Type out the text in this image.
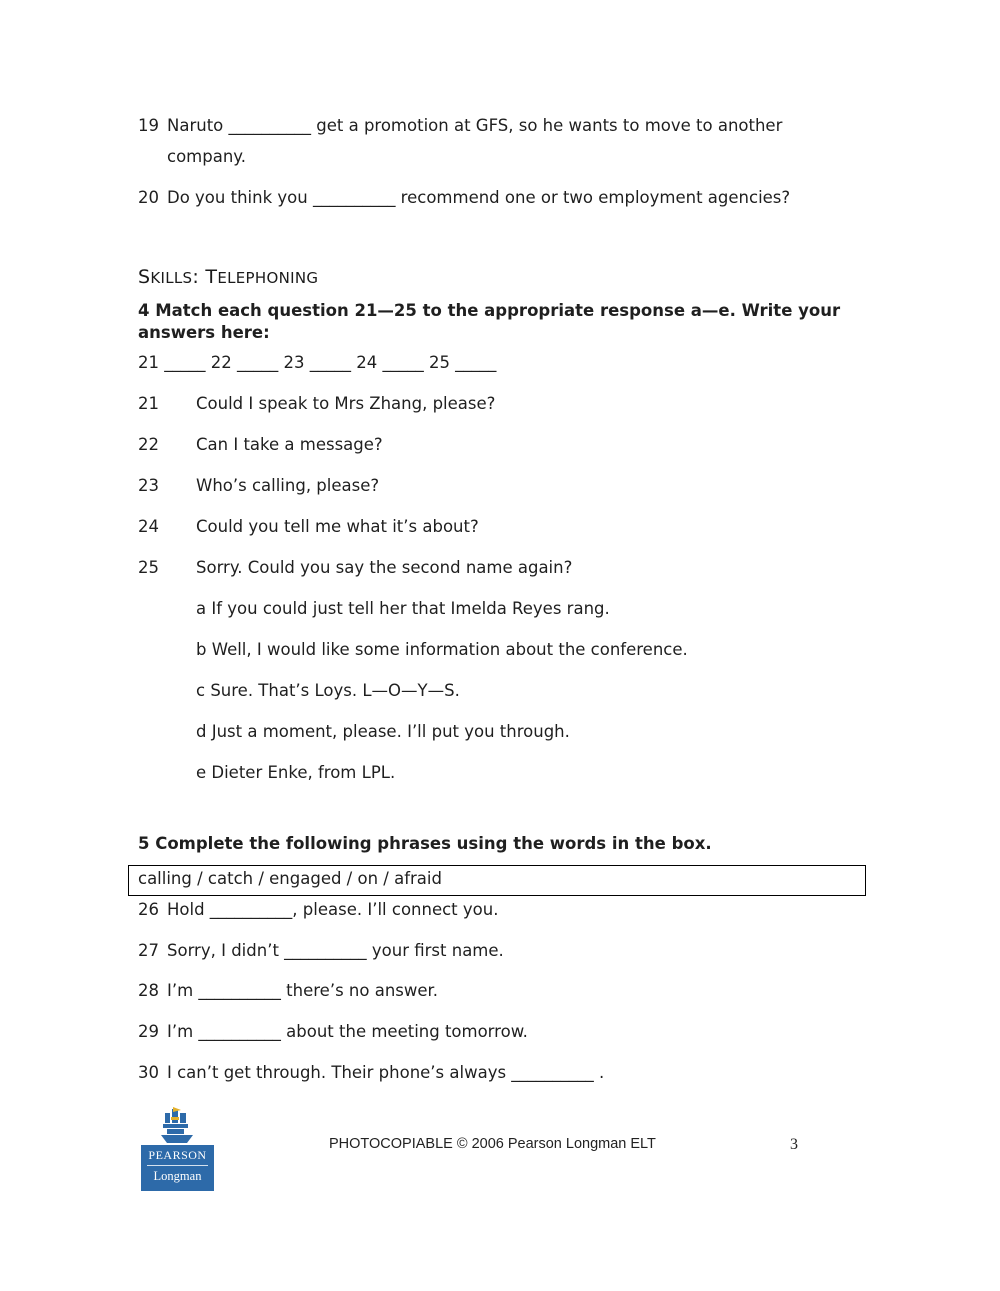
19 Naruto __________ get a promotion at GFS, so he wants to move to another
company.
20 Do you think you __________ recommend one or two employment agencies?
SKILLS: TELEPHONING
4 Match each question 21—25 to the appropriate response a—e. Write your answers here:
21 _____ 22 _____ 23 _____ 24 _____ 25 _____
21 Could I speak to Mrs Zhang, please?
22 Can I take a message?
23 Who’s calling, please?
24 Could you tell me what it’s about?
25 Sorry. Could you say the second name again?
a If you could just tell her that Imelda Reyes rang.
b Well, I would like some information about the conference.
c Sure. That’s Loys. L—O—Y—S.
d Just a moment, please. I’ll put you through.
e Dieter Enke, from LPL.
5 Complete the following phrases using the words in the box.
calling / catch / engaged / on / afraid
26 Hold __________, please. I’ll connect you.
27 Sorry, I didn’t __________ your first name.
28 I’m __________ there’s no answer.
29 I’m __________ about the meeting tomorrow.
30 I can’t get through. Their phone’s always __________ .
PEARSON
Longman
PHOTOCOPIABLE © 2006 Pearson Longman ELT	3
